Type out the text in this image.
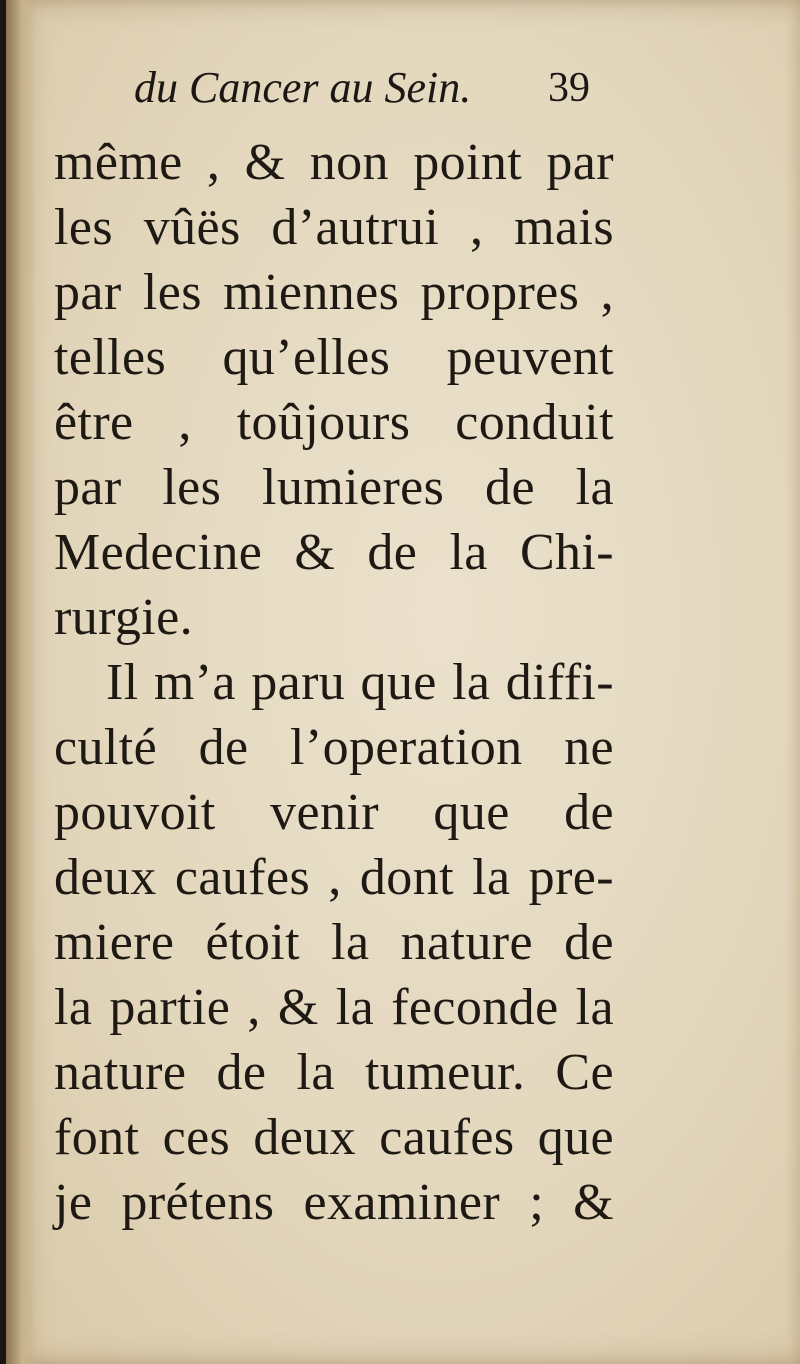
du Cancer au Sein. 39
même , & non point par
les vûës d’autrui , mais
par les miennes propres ,
telles qu’elles peuvent
être , toûjours conduit
par les lumieres de la
Medecine & de la Chi-
rurgie.
Il m’a paru que la diffi-
culté de l’operation ne
pouvoit venir que de
deux caufes , dont la pre-
miere étoit la nature de
la partie , & la feconde la
nature de la tumeur. Ce
font ces deux caufes que
je prétens examiner ; &
